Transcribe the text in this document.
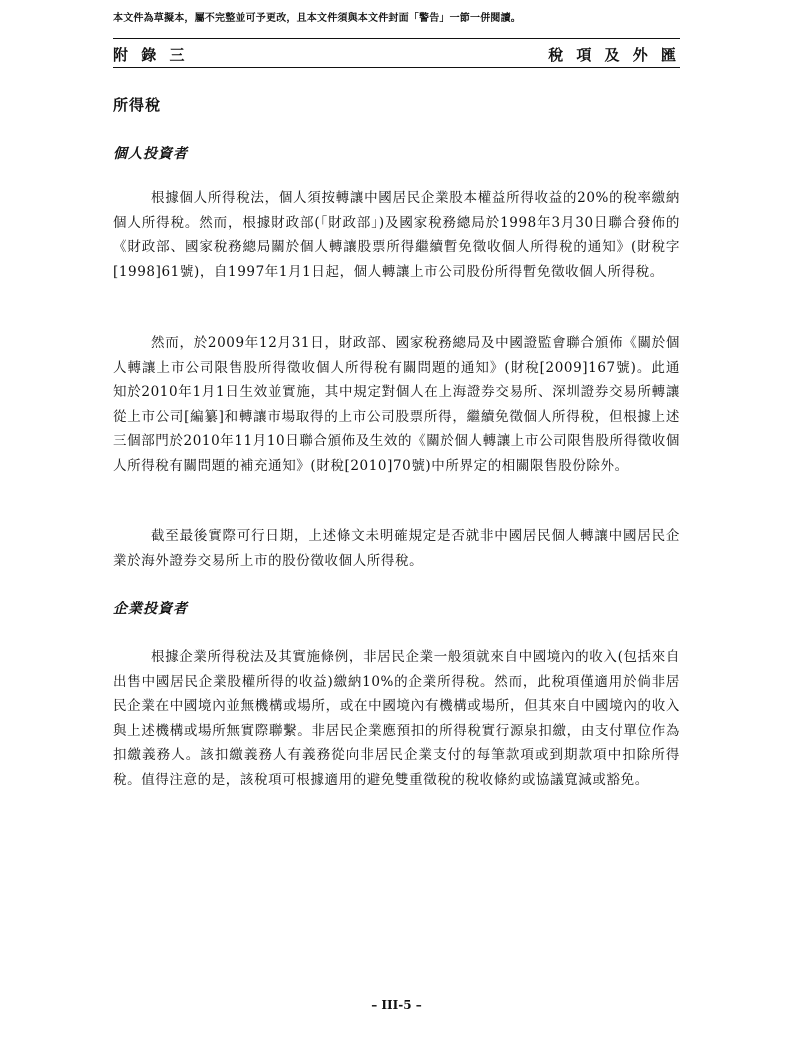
本文件為草擬本，屬不完整並可予更改，且本文件須與本文件封面「警告」一節一併閱讀。
附 錄 三	稅 項 及 外 匯
所得稅
個人投資者
根據個人所得稅法，個人須按轉讓中國居民企業股本權益所得收益的20%的稅率繳納個人所得稅。然而，根據財政部(「財政部」)及國家稅務總局於1998年3月30日聯合發佈的《財政部、國家稅務總局關於個人轉讓股票所得繼續暫免徵收個人所得稅的通知》(財稅字[1998]61號)，自1997年1月1日起，個人轉讓上市公司股份所得暫免徵收個人所得稅。
然而，於2009年12月31日，財政部、國家稅務總局及中國證監會聯合頒佈《關於個人轉讓上市公司限售股所得徵收個人所得稅有關問題的通知》(財稅[2009]167號)。此通知於2010年1月1日生效並實施，其中規定對個人在上海證券交易所、深圳證券交易所轉讓從上市公司[編纂]和轉讓市場取得的上市公司股票所得，繼續免徵個人所得稅，但根據上述三個部門於2010年11月10日聯合頒佈及生效的《關於個人轉讓上市公司限售股所得徵收個人所得稅有關問題的補充通知》(財稅[2010]70號)中所界定的相關限售股份除外。
截至最後實際可行日期，上述條文未明確規定是否就非中國居民個人轉讓中國居民企業於海外證券交易所上市的股份徵收個人所得稅。
企業投資者
根據企業所得稅法及其實施條例，非居民企業一般須就來自中國境內的收入(包括來自出售中國居民企業股權所得的收益)繳納10%的企業所得稅。然而，此稅項僅適用於倘非居民企業在中國境內並無機構或場所，或在中國境內有機構或場所，但其來自中國境內的收入與上述機構或場所無實際聯繫。非居民企業應預扣的所得稅實行源泉扣繳，由支付單位作為扣繳義務人。該扣繳義務人有義務從向非居民企業支付的每筆款項或到期款項中扣除所得稅。值得注意的是，該稅項可根據適用的避免雙重徵稅的稅收條約或協議寬減或豁免。
– III-5 –
